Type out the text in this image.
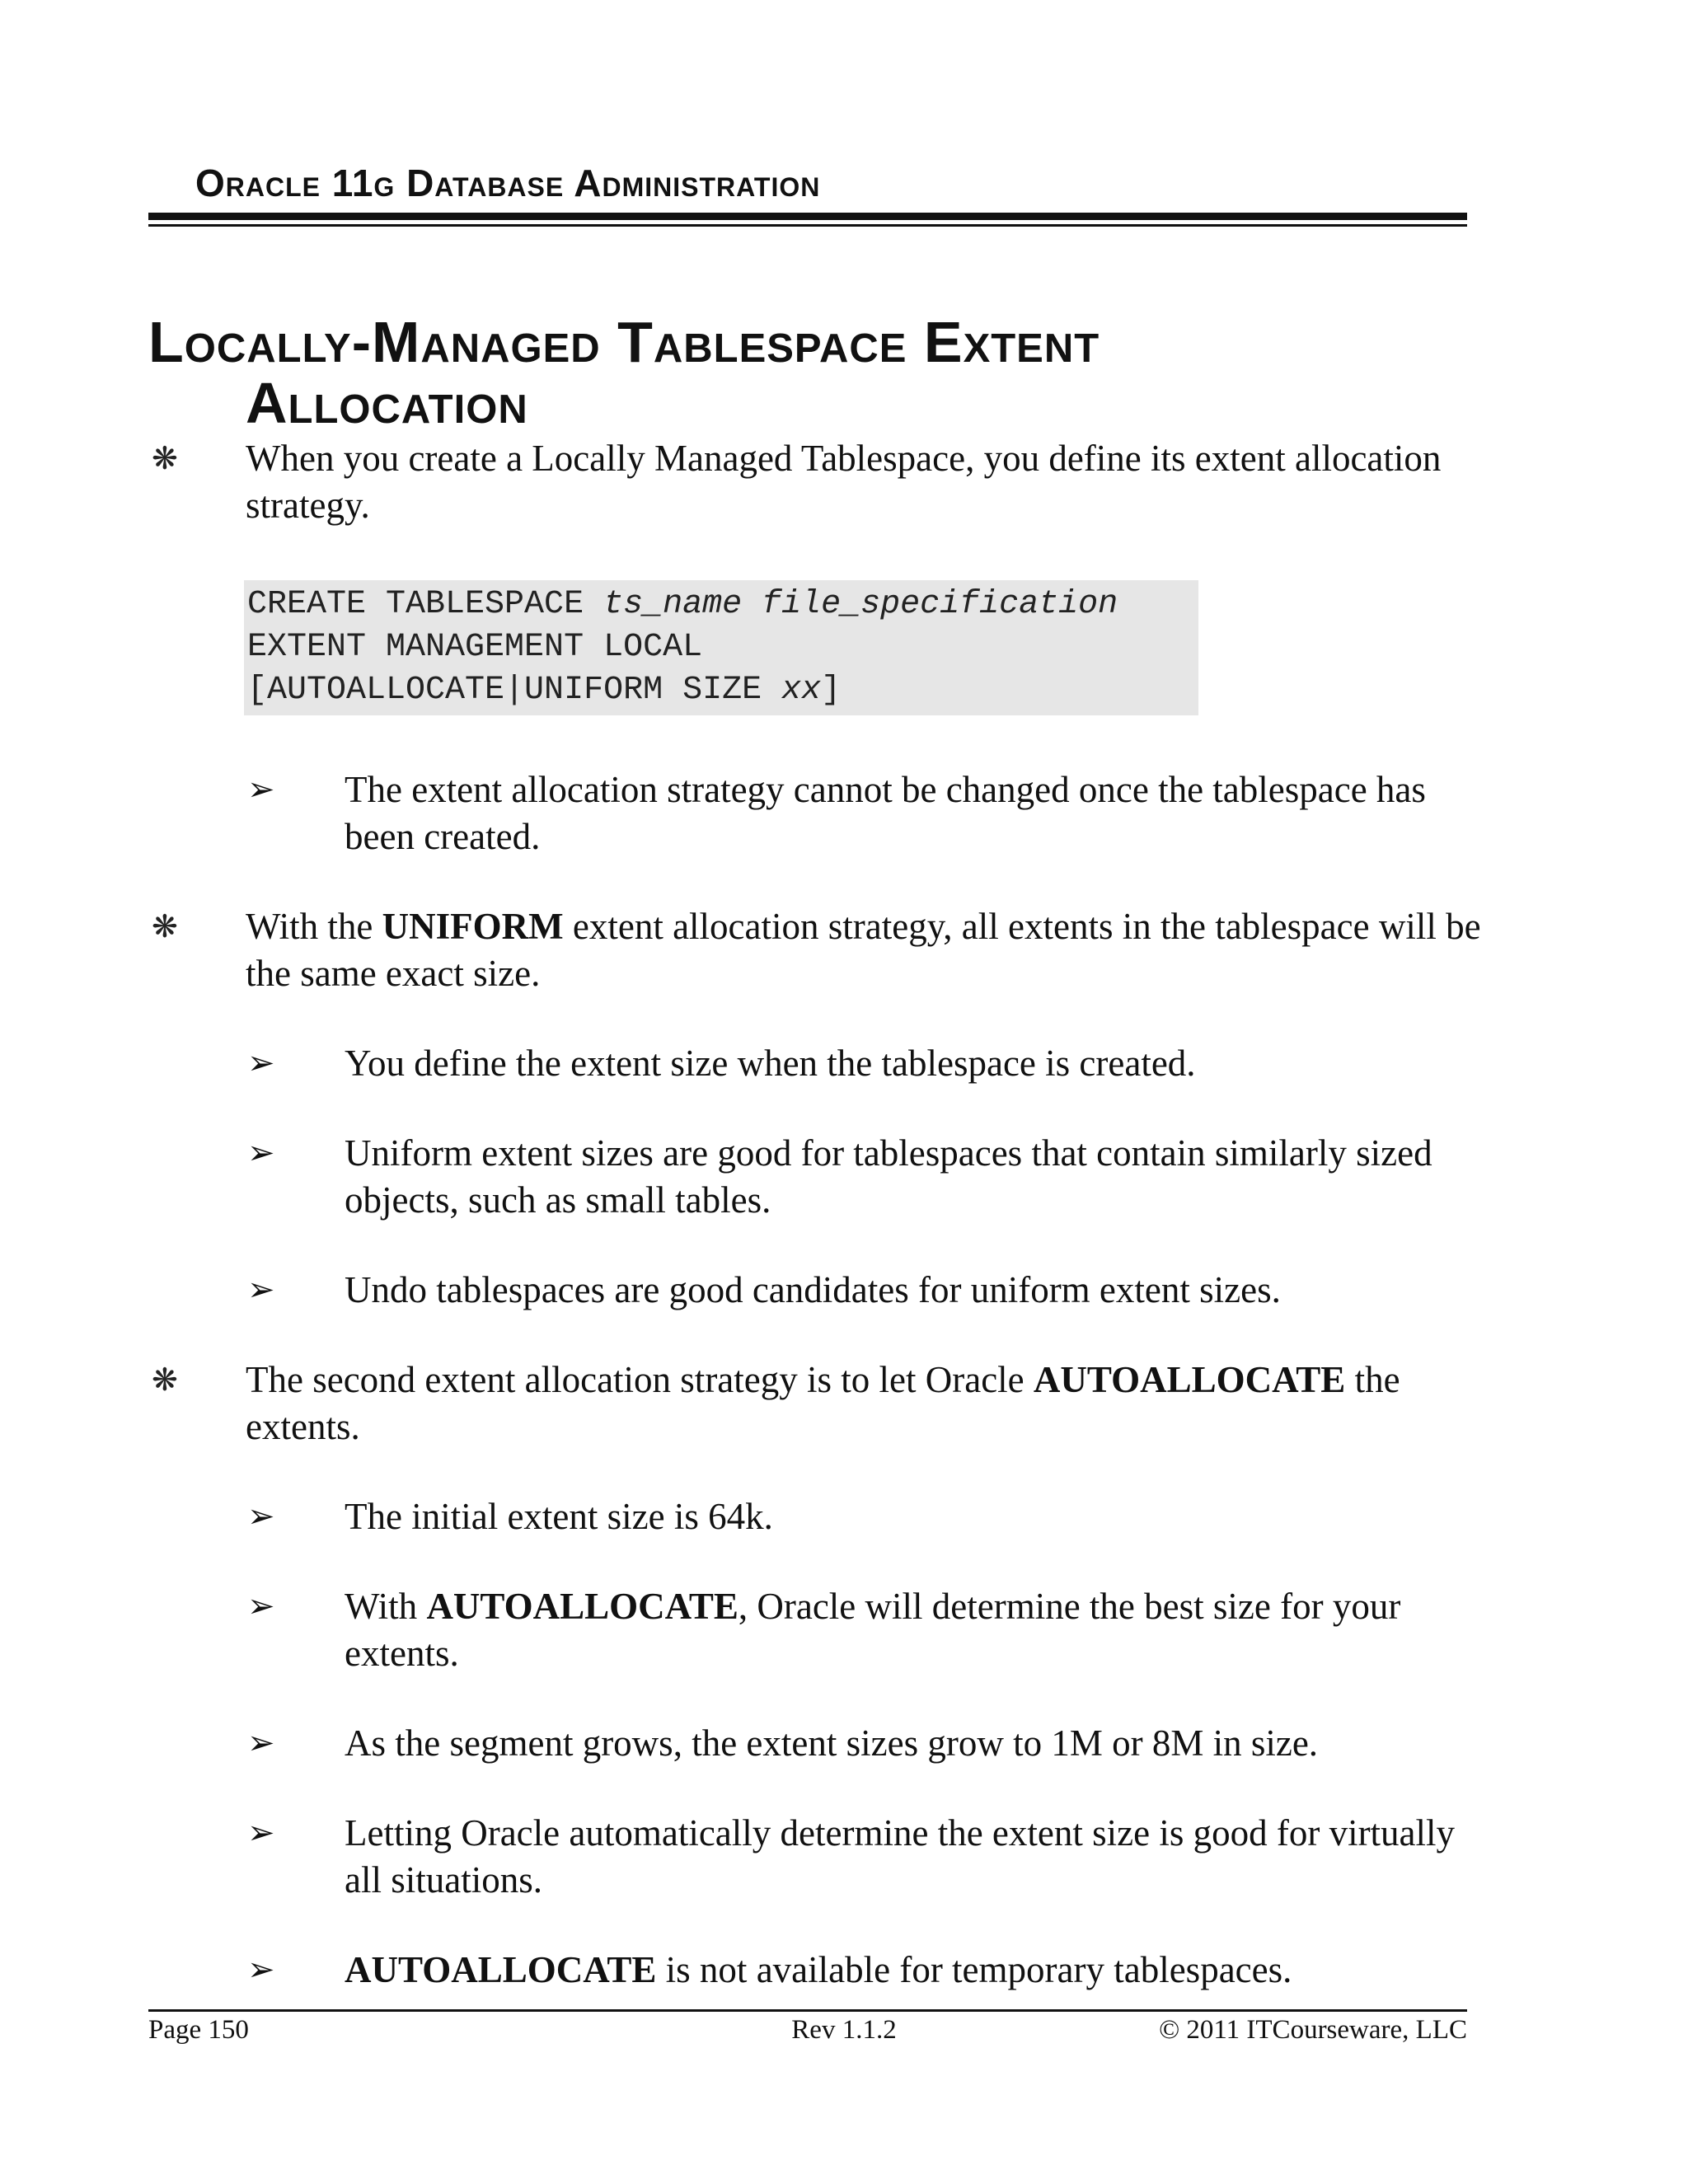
Oracle 11g Database Administration
Locally-Managed Tablespace Extent
Allocation
❋ When you create a Locally Managed Tablespace, you define its extent allocation strategy.
CREATE TABLESPACE ts_name file_specification
EXTENT MANAGEMENT LOCAL
[AUTOALLOCATE|UNIFORM SIZE xx]
➢ The extent allocation strategy cannot be changed once the tablespace has been created.
❋ With the UNIFORM extent allocation strategy, all extents in the tablespace will be the same exact size.
➢ You define the extent size when the tablespace is created.
➢ Uniform extent sizes are good for tablespaces that contain similarly sized objects, such as small tables.
➢ Undo tablespaces are good candidates for uniform extent sizes.
❋ The second extent allocation strategy is to let Oracle AUTOALLOCATE the extents.
➢ The initial extent size is 64k.
➢ With AUTOALLOCATE, Oracle will determine the best size for your extents.
➢ As the segment grows, the extent sizes grow to 1M or 8M in size.
➢ Letting Oracle automatically determine the extent size is good for virtually all situations.
➢ AUTOALLOCATE is not available for temporary tablespaces.
Page 150	Rev 1.1.2	© 2011 ITCourseware, LLC
